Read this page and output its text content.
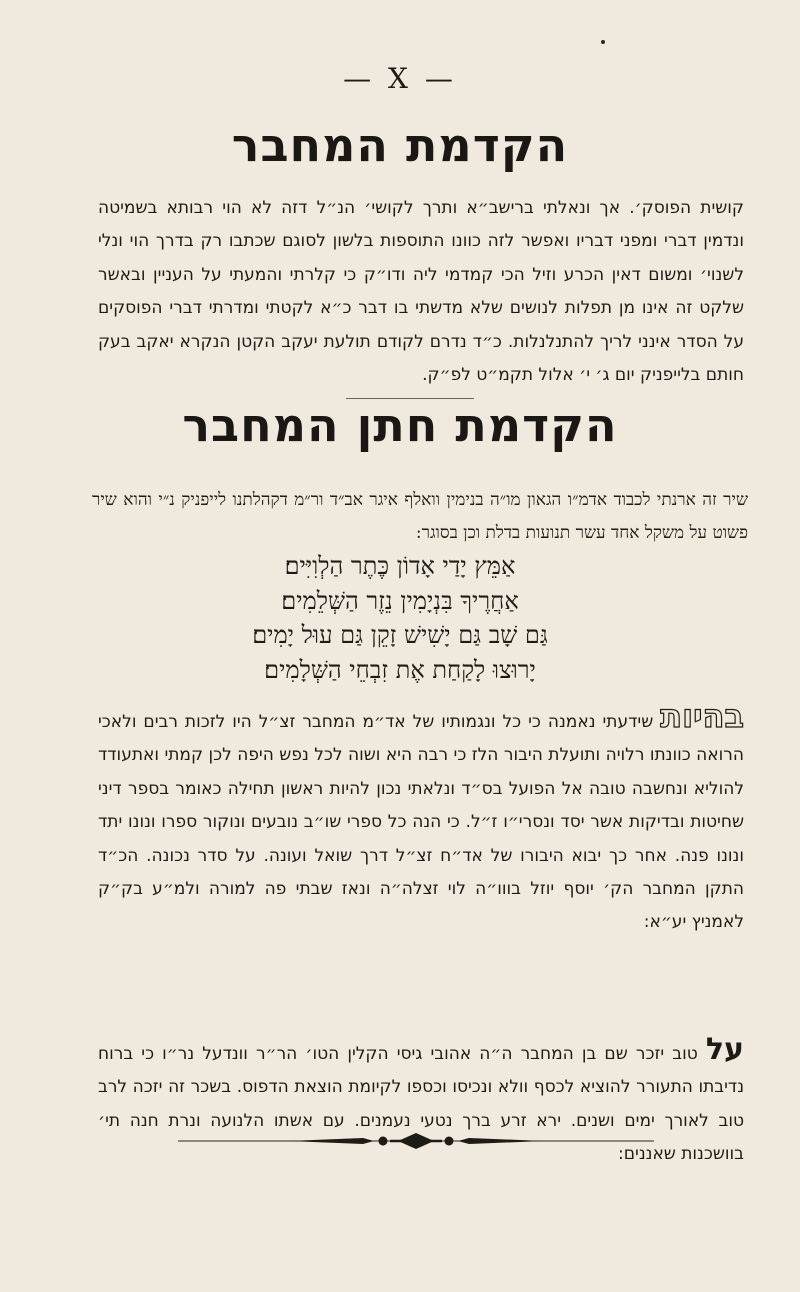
— X —
הקדמת המחבר
קושית הפוסק׳. אך ונאלתי ברישב״א ותרך לקושי׳ הנ״ל דזה לא הוי רבותא בשמיטה ונדמין דברי ומפני דבריו ואפשר לזה כוונו התוספות בלשון לסוגם שכתבו רק בדרך הוי ונלי לשנוי׳ ומשום דאין הכרע וזיל הכי קמדמי ליה ודו״ק כי קלרתי והמעתי על העניין ובאשר שלקט זה אינו מן תפלות לנושים שלא מדשתי בו דבר כ״א לקטתי ומדרתי דברי הפוסקים על הסדר אינני לריך להתנלנלות. כ״ד נדרם לקודם תולעת יעקב הקטן הנקרא יאקב בעק חותם בלייפניק יום ג׳ י׳ אלול תקמ״ט לפ״ק.
הקדמת חתן המחבר
שיר זה ארנתי לכבוד אדמ״ו הגאון מו״ה בנימין וואלף איגר אב״ד ור״מ דקהלתנו לייפניק נ״י והוא שיר פשוט על משקל אחד עשר תנועות בדלת וכן בסוגר:
אַמֵּץ יָדַי אָדוֹן כֶּתֶר הַלְוִיִּים׃
אַחֲרֶיךָ בִּנְיָמִין נֵזֶר הַשְּׁלֵמִים׃
גַּם שָׁב גַּם יָשִׁישׁ זָקֵן גַּם עוּל יָמִים׃
יָרוּצוּ לָקַחַת אֶת זִבְחֵי הַשְּׁלָמִים׃
בהיות שידעתי נאמנה כי כל ונגמותיו של אד״מ המחבר זצ״ל היו לזכות רבים ולאכי הרואה כוונתו רלויה ותועלת היבור הלז כי רבה היא ושוה לכל נפש היפה לכן קמתי ואתעודד להוליא ונחשבה טובה אל הפועל בס״ד ונלאתי נכון להיות ראשון תחילה כאומר בספר דיני שחיטות ובדיקות אשר יסד ונסרי״ו ז״ל. כי הנה כל ספרי שו״ב נובעים ונוקור ספרו ונונו יתד ונונו פנה. אחר כך יבוא היבורו של אד״ח זצ״ל דרך שואל ועונה. על סדר נכונה. הכ״ד התקן המחבר הק׳ יוסף יוזל בווו״ה לוי זצלה״ה ונאז שבתי פה למורה ולמ״ע בק״ק לאמניץ יע״א:
על טוב יזכר שם בן המחבר ה״ה אהובי גיסי הקלין הטו׳ הר״ר וונדעל נר״ו כי ברוח נדיבתו התעורר להוציא לכסף וולא ונכיסו וכספו לקיומת הוצאת הדפוס. בשכר זה יזכה לרב טוב לאורך ימים ושנים. ירא זרע ברך נטעי נעמנים. עם אשתו הלנועה ונרת חנה תי׳ בוושכנות שאננים:
